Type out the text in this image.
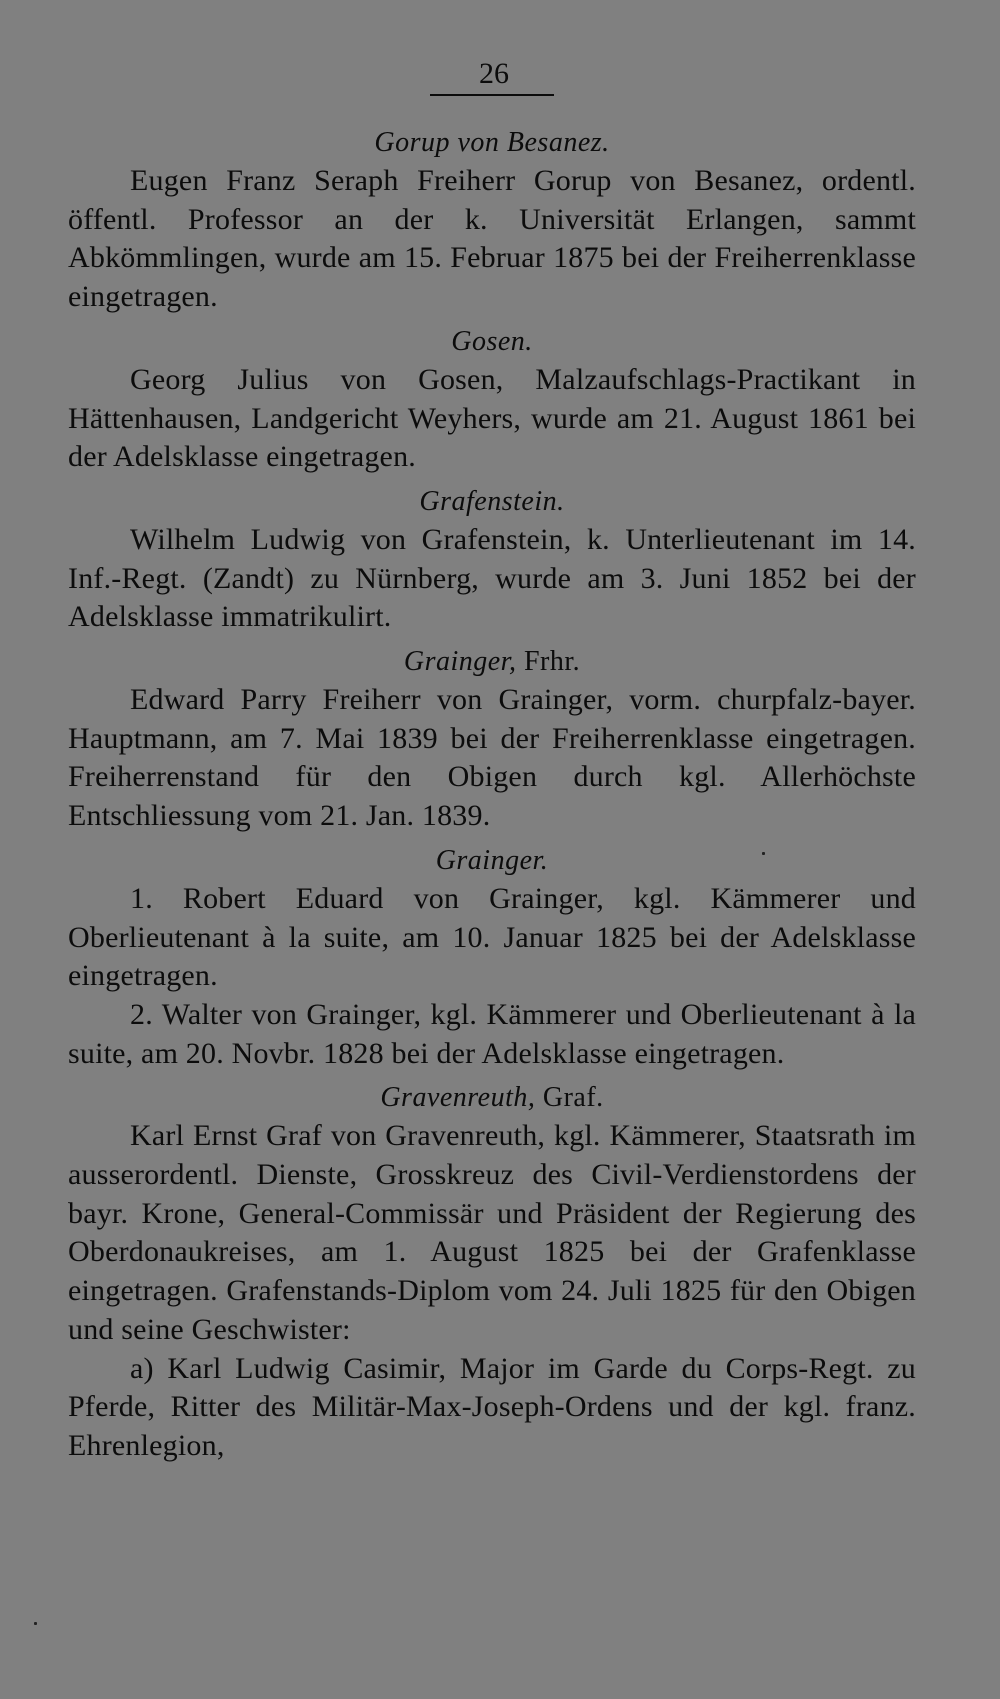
26

Gorup von Besanez.

Eugen Franz Seraph Freiherr Gorup von Besanez, ordentl. öffentl. Professor an der k. Universität Erlangen, sammt Abkömmlingen, wurde am 15. Februar 1875 bei der Freiherrenklasse eingetragen.

Gosen.

Georg Julius von Gosen, Malzaufschlags-Practikant in Hättenhausen, Landgericht Weyhers, wurde am 21. August 1861 bei der Adelsklasse eingetragen.

Grafenstein.

Wilhelm Ludwig von Grafenstein, k. Unterlieutenant im 14. Inf.-Regt. (Zandt) zu Nürnberg, wurde am 3. Juni 1852 bei der Adelsklasse immatrikulirt.

Grainger, Frhr.

Edward Parry Freiherr von Grainger, vorm. churpfalz-bayer. Hauptmann, am 7. Mai 1839 bei der Freiherrenklasse eingetragen. Freiherrenstand für den Obigen durch kgl. Allerhöchste Entschliessung vom 21. Jan. 1839.

Grainger.

1. Robert Eduard von Grainger, kgl. Kämmerer und Oberlieutenant à la suite, am 10. Januar 1825 bei der Adelsklasse eingetragen.

2. Walter von Grainger, kgl. Kämmerer und Oberlieutenant à la suite, am 20. Novbr. 1828 bei der Adelsklasse eingetragen.

Gravenreuth, Graf.

Karl Ernst Graf von Gravenreuth, kgl. Kämmerer, Staatsrath im ausserordentl. Dienste, Grosskreuz des Civil-Verdienstordens der bayr. Krone, General-Commissär und Präsident der Regierung des Oberdonaukreises, am 1. August 1825 bei der Grafenklasse eingetragen. Grafenstands-Diplom vom 24. Juli 1825 für den Obigen und seine Geschwister:

a) Karl Ludwig Casimir, Major im Garde du Corps-Regt. zu Pferde, Ritter des Militär-Max-Joseph-Ordens und der kgl. franz. Ehrenlegion,
